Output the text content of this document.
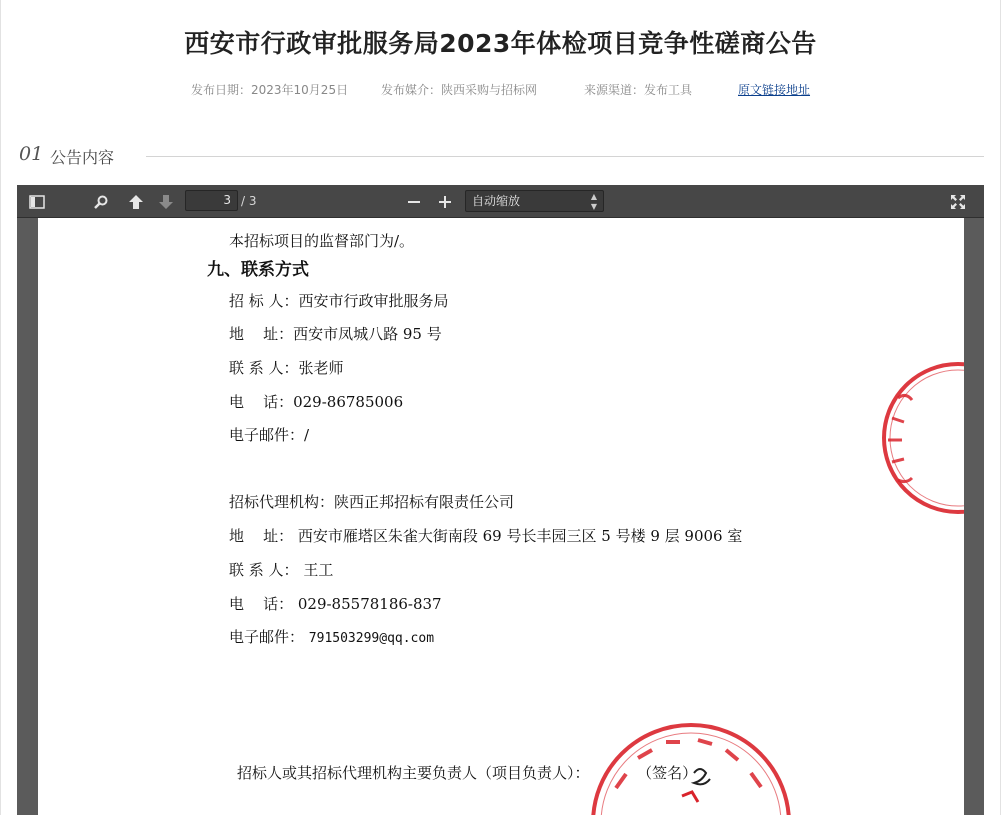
西安市行政审批服务局2023年体检项目竞争性磋商公告
发布日期：2023年10月25日	发布媒介：陕西采购与招标网	来源渠道：发布工具	原文链接地址
01 公告内容
3 / 3	自动缩放	▲
▼
本招标项目的监督部门为/。
九、联系方式
招 标 人：西安市行政审批服务局
地    址：西安市凤城八路 95 号
联 系 人：张老师
电    话：029-86785006
电子邮件：/
招标代理机构：陕西正邦招标有限责任公司
地    址： 西安市雁塔区朱雀大街南段 69 号长丰园三区 5 号楼 9 层 9006 室
联 系 人： 王工
电    话： 029-85578186-837
电子邮件： 791503299@qq.com
招标人或其招标代理机构主要负责人（项目负责人）：          （签名）
